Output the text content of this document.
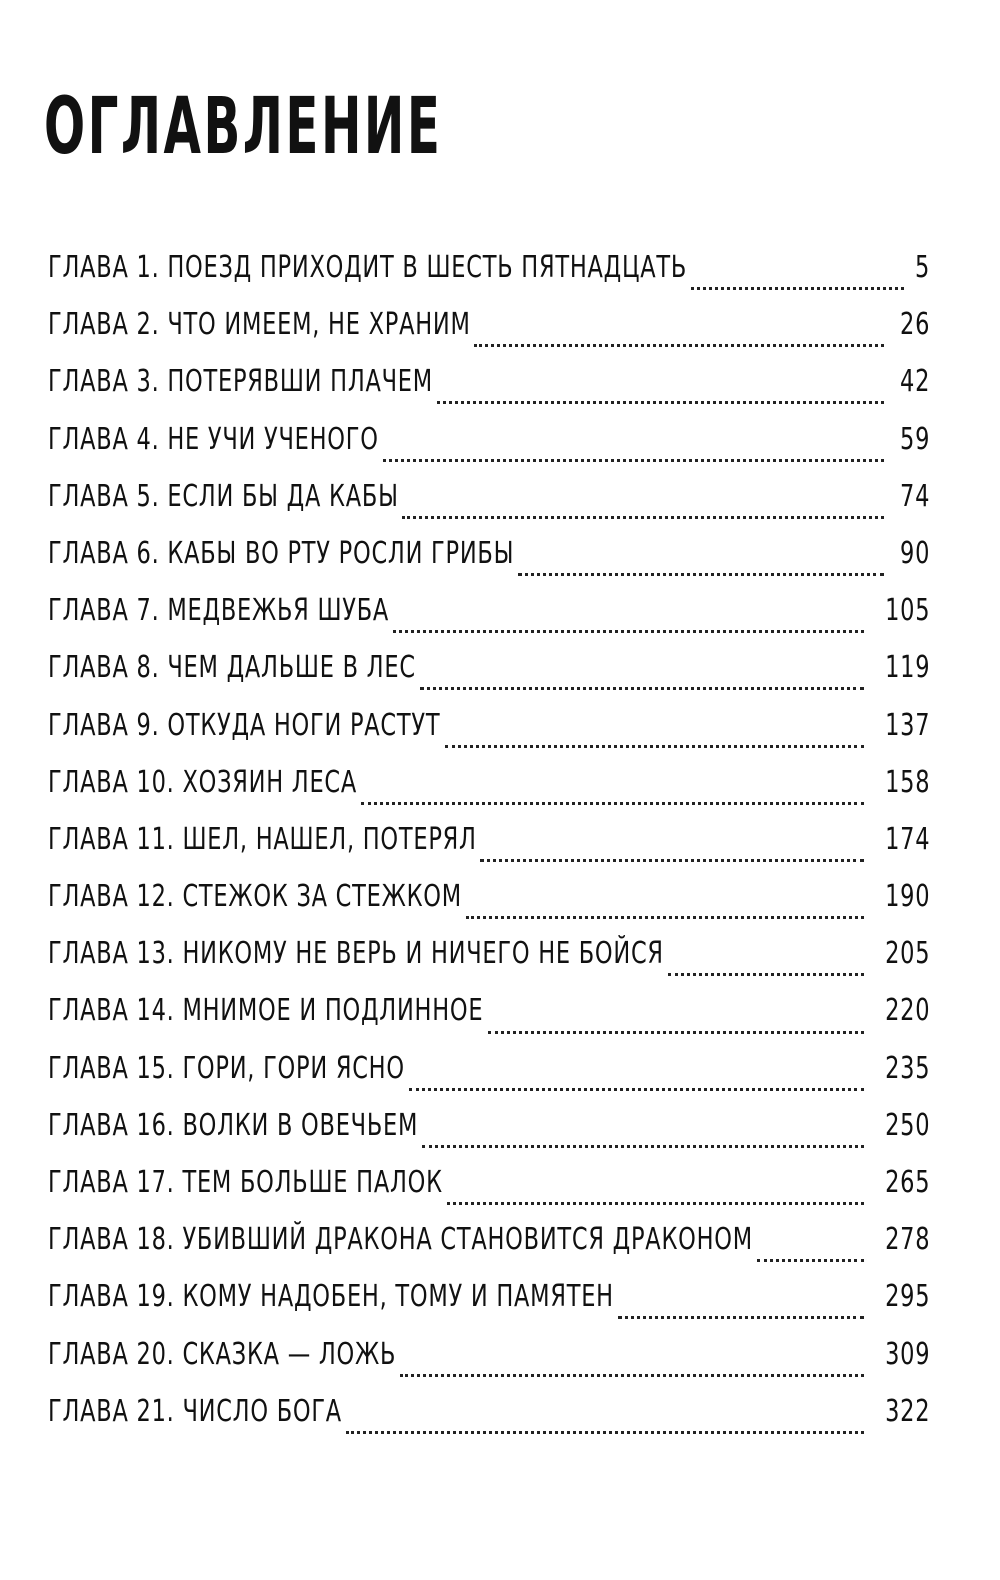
ОГЛАВЛЕНИЕ
ГЛАВА 1. ПОЕЗД ПРИХОДИТ В ШЕСТЬ ПЯТНАДЦАТЬ	5
ГЛАВА 2. ЧТО ИМЕЕМ, НЕ ХРАНИМ	26
ГЛАВА 3. ПОТЕРЯВШИ ПЛАЧЕМ	42
ГЛАВА 4. НЕ УЧИ УЧЕНОГО	59
ГЛАВА 5. ЕСЛИ БЫ ДА КАБЫ	74
ГЛАВА 6. КАБЫ ВО РТУ РОСЛИ ГРИБЫ	90
ГЛАВА 7. МЕДВЕЖЬЯ ШУБА	105
ГЛАВА 8. ЧЕМ ДАЛЬШЕ В ЛЕС	119
ГЛАВА 9. ОТКУДА НОГИ РАСТУТ	137
ГЛАВА 10. ХОЗЯИН ЛЕСА	158
ГЛАВА 11. ШЕЛ, НАШЕЛ, ПОТЕРЯЛ	174
ГЛАВА 12. СТЕЖОК ЗА СТЕЖКОМ	190
ГЛАВА 13. НИКОМУ НЕ ВЕРЬ И НИЧЕГО НЕ БОЙСЯ	205
ГЛАВА 14. МНИМОЕ И ПОДЛИННОЕ	220
ГЛАВА 15. ГОРИ, ГОРИ ЯСНО	235
ГЛАВА 16. ВОЛКИ В ОВЕЧЬЕМ	250
ГЛАВА 17. ТЕМ БОЛЬШЕ ПАЛОК	265
ГЛАВА 18. УБИВШИЙ ДРАКОНА СТАНОВИТСЯ ДРАКОНОМ	278
ГЛАВА 19. КОМУ НАДОБЕН, ТОМУ И ПАМЯТЕН	295
ГЛАВА 20. СКАЗКА — ЛОЖЬ	309
ГЛАВА 21. ЧИСЛО БОГА	322
